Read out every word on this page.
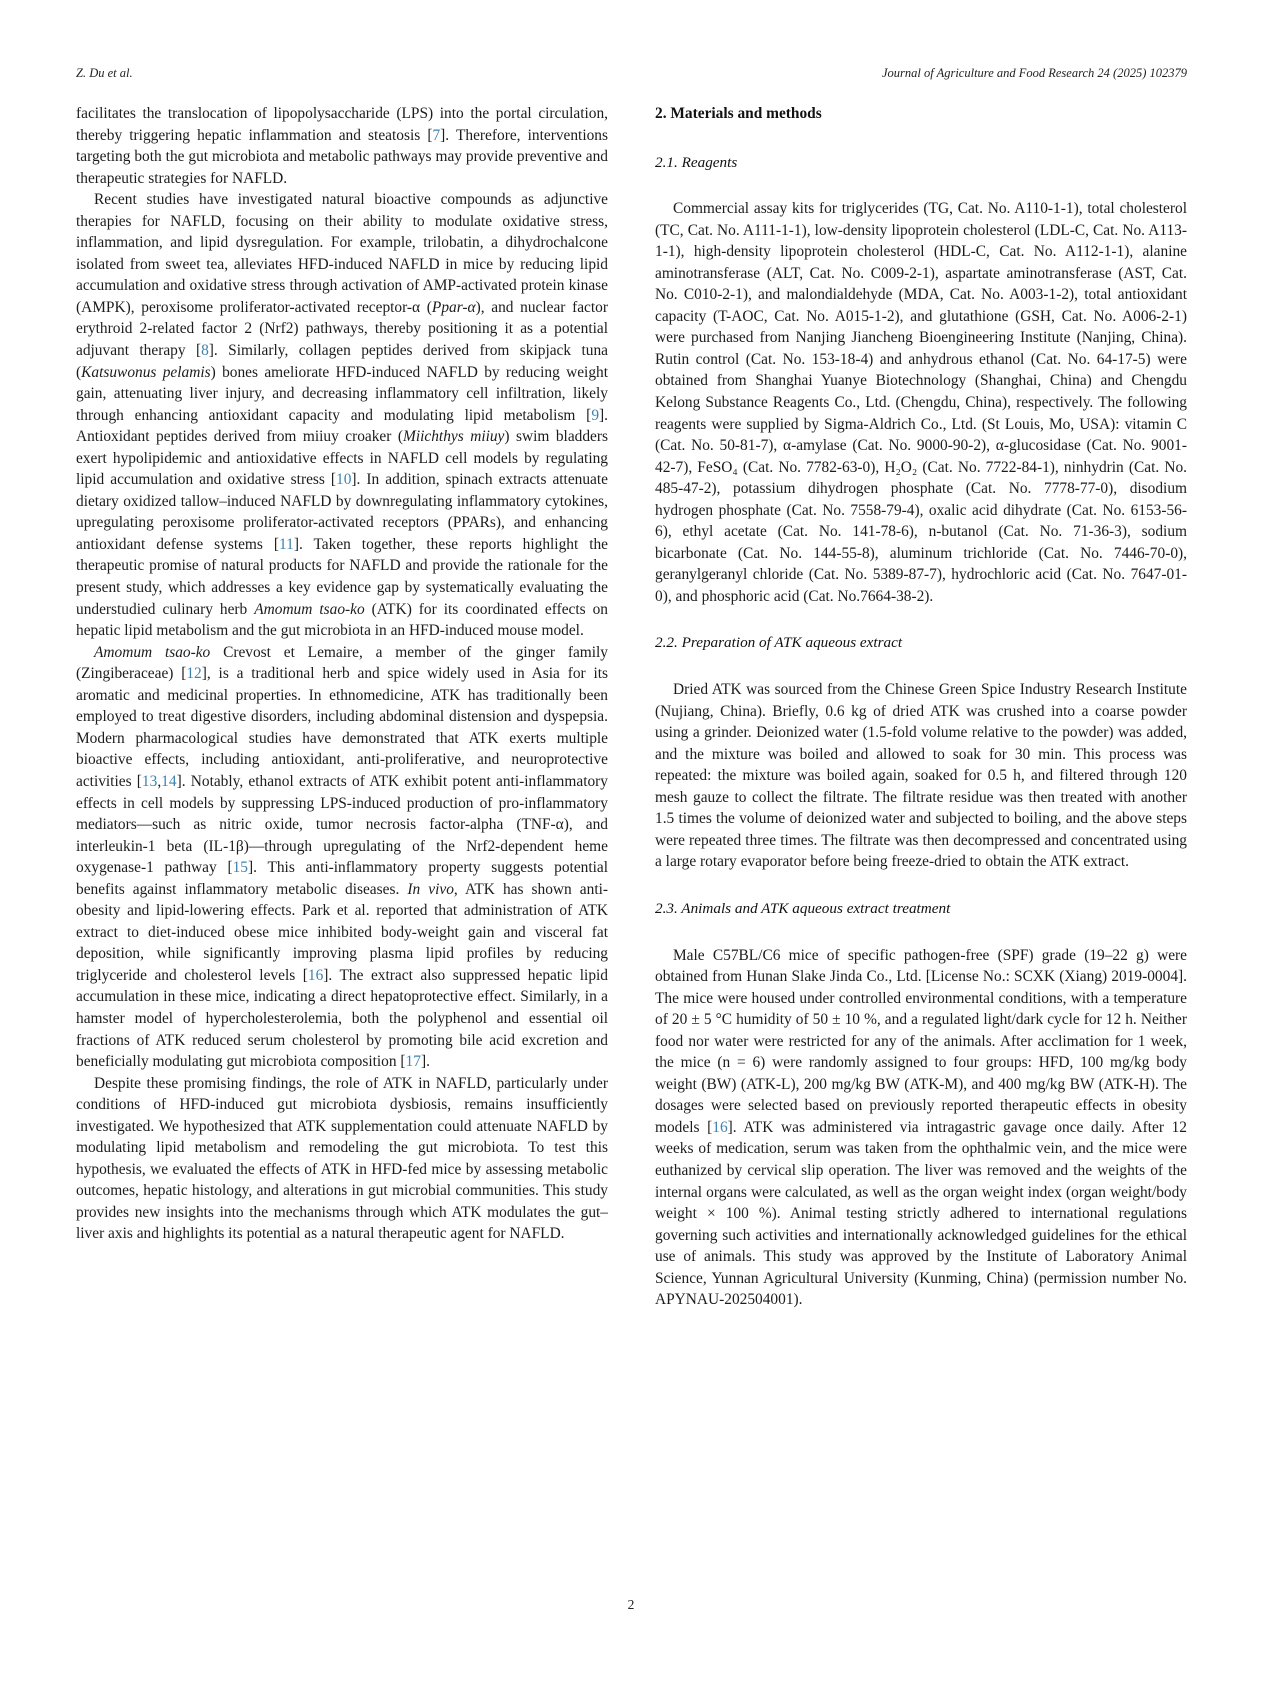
Z. Du et al.	Journal of Agriculture and Food Research 24 (2025) 102379

facilitates the translocation of lipopolysaccharide (LPS) into the portal circulation, thereby triggering hepatic inflammation and steatosis [7]. Therefore, interventions targeting both the gut microbiota and metabolic pathways may provide preventive and therapeutic strategies for NAFLD.

Recent studies have investigated natural bioactive compounds as adjunctive therapies for NAFLD, focusing on their ability to modulate oxidative stress, inflammation, and lipid dysregulation. For example, trilobatin, a dihydrochalcone isolated from sweet tea, alleviates HFD-induced NAFLD in mice by reducing lipid accumulation and oxidative stress through activation of AMP-activated protein kinase (AMPK), peroxisome proliferator-activated receptor-α (Ppar-α), and nuclear factor erythroid 2-related factor 2 (Nrf2) pathways, thereby positioning it as a potential adjuvant therapy [8]. Similarly, collagen peptides derived from skipjack tuna (Katsuwonus pelamis) bones ameliorate HFD-induced NAFLD by reducing weight gain, attenuating liver injury, and decreasing inflammatory cell infiltration, likely through enhancing antioxidant capacity and modulating lipid metabolism [9]. Antioxidant peptides derived from miiuy croaker (Miichthys miiuy) swim bladders exert hypolipidemic and antioxidative effects in NAFLD cell models by regulating lipid accumulation and oxidative stress [10]. In addition, spinach extracts attenuate dietary oxidized tallow–induced NAFLD by downregulating inflammatory cytokines, upregulating peroxisome proliferator-activated receptors (PPARs), and enhancing antioxidant defense systems [11]. Taken together, these reports highlight the therapeutic promise of natural products for NAFLD and provide the rationale for the present study, which addresses a key evidence gap by systematically evaluating the understudied culinary herb Amomum tsao-ko (ATK) for its coordinated effects on hepatic lipid metabolism and the gut microbiota in an HFD-induced mouse model.

Amomum tsao-ko Crevost et Lemaire, a member of the ginger family (Zingiberaceae) [12], is a traditional herb and spice widely used in Asia for its aromatic and medicinal properties. In ethnomedicine, ATK has traditionally been employed to treat digestive disorders, including abdominal distension and dyspepsia. Modern pharmacological studies have demonstrated that ATK exerts multiple bioactive effects, including antioxidant, anti-proliferative, and neuroprotective activities [13,14]. Notably, ethanol extracts of ATK exhibit potent anti-inflammatory effects in cell models by suppressing LPS-induced production of pro-inflammatory mediators—such as nitric oxide, tumor necrosis factor-alpha (TNF-α), and interleukin-1 beta (IL-1β)—through upregulating of the Nrf2-dependent heme oxygenase-1 pathway [15]. This anti-inflammatory property suggests potential benefits against inflammatory metabolic diseases. In vivo, ATK has shown anti-obesity and lipid-lowering effects. Park et al. reported that administration of ATK extract to diet-induced obese mice inhibited body-weight gain and visceral fat deposition, while significantly improving plasma lipid profiles by reducing triglyceride and cholesterol levels [16]. The extract also suppressed hepatic lipid accumulation in these mice, indicating a direct hepatoprotective effect. Similarly, in a hamster model of hypercholesterolemia, both the polyphenol and essential oil fractions of ATK reduced serum cholesterol by promoting bile acid excretion and beneficially modulating gut microbiota composition [17].

Despite these promising findings, the role of ATK in NAFLD, particularly under conditions of HFD-induced gut microbiota dysbiosis, remains insufficiently investigated. We hypothesized that ATK supplementation could attenuate NAFLD by modulating lipid metabolism and remodeling the gut microbiota. To test this hypothesis, we evaluated the effects of ATK in HFD-fed mice by assessing metabolic outcomes, hepatic histology, and alterations in gut microbial communities. This study provides new insights into the mechanisms through which ATK modulates the gut–liver axis and highlights its potential as a natural therapeutic agent for NAFLD.

2. Materials and methods
2.1. Reagents

Commercial assay kits for triglycerides (TG, Cat. No. A110-1-1), total cholesterol (TC, Cat. No. A111-1-1), low-density lipoprotein cholesterol (LDL-C, Cat. No. A113-1-1), high-density lipoprotein cholesterol (HDL-C, Cat. No. A112-1-1), alanine aminotransferase (ALT, Cat. No. C009-2-1), aspartate aminotransferase (AST, Cat. No. C010-2-1), and malondialdehyde (MDA, Cat. No. A003-1-2), total antioxidant capacity (T-AOC, Cat. No. A015-1-2), and glutathione (GSH, Cat. No. A006-2-1) were purchased from Nanjing Jiancheng Bioengineering Institute (Nanjing, China). Rutin control (Cat. No. 153-18-4) and anhydrous ethanol (Cat. No. 64-17-5) were obtained from Shanghai Yuanye Biotechnology (Shanghai, China) and Chengdu Kelong Substance Reagents Co., Ltd. (Chengdu, China), respectively. The following reagents were supplied by Sigma-Aldrich Co., Ltd. (St Louis, Mo, USA): vitamin C (Cat. No. 50-81-7), α-amylase (Cat. No. 9000-90-2), α-glucosidase (Cat. No. 9001-42-7), FeSO₄ (Cat. No. 7782-63-0), H₂O₂ (Cat. No. 7722-84-1), ninhydrin (Cat. No. 485-47-2), potassium dihydrogen phosphate (Cat. No. 7778-77-0), disodium hydrogen phosphate (Cat. No. 7558-79-4), oxalic acid dihydrate (Cat. No. 6153-56-6), ethyl acetate (Cat. No. 141-78-6), n-butanol (Cat. No. 71-36-3), sodium bicarbonate (Cat. No. 144-55-8), aluminum trichloride (Cat. No. 7446-70-0), geranylgeranyl chloride (Cat. No. 5389-87-7), hydrochloric acid (Cat. No. 7647-01-0), and phosphoric acid (Cat. No.7664-38-2).

2.2. Preparation of ATK aqueous extract

Dried ATK was sourced from the Chinese Green Spice Industry Research Institute (Nujiang, China). Briefly, 0.6 kg of dried ATK was crushed into a coarse powder using a grinder. Deionized water (1.5-fold volume relative to the powder) was added, and the mixture was boiled and allowed to soak for 30 min. This process was repeated: the mixture was boiled again, soaked for 0.5 h, and filtered through 120 mesh gauze to collect the filtrate. The filtrate residue was then treated with another 1.5 times the volume of deionized water and subjected to boiling, and the above steps were repeated three times. The filtrate was then decompressed and concentrated using a large rotary evaporator before being freeze-dried to obtain the ATK extract.

2.3. Animals and ATK aqueous extract treatment

Male C57BL/C6 mice of specific pathogen-free (SPF) grade (19–22 g) were obtained from Hunan Slake Jinda Co., Ltd. [License No.: SCXK (Xiang) 2019-0004]. The mice were housed under controlled environmental conditions, with a temperature of 20 ± 5 °C humidity of 50 ± 10 %, and a regulated light/dark cycle for 12 h. Neither food nor water were restricted for any of the animals. After acclimation for 1 week, the mice (n = 6) were randomly assigned to four groups: HFD, 100 mg/kg body weight (BW) (ATK-L), 200 mg/kg BW (ATK-M), and 400 mg/kg BW (ATK-H). The dosages were selected based on previously reported therapeutic effects in obesity models [16]. ATK was administered via intragastric gavage once daily. After 12 weeks of medication, serum was taken from the ophthalmic vein, and the mice were euthanized by cervical slip operation. The liver was removed and the weights of the internal organs were calculated, as well as the organ weight index (organ weight/body weight × 100 %). Animal testing strictly adhered to international regulations governing such activities and internationally acknowledged guidelines for the ethical use of animals. This study was approved by the Institute of Laboratory Animal Science, Yunnan Agricultural University (Kunming, China) (permission number No. APYNAU-202504001).

2
